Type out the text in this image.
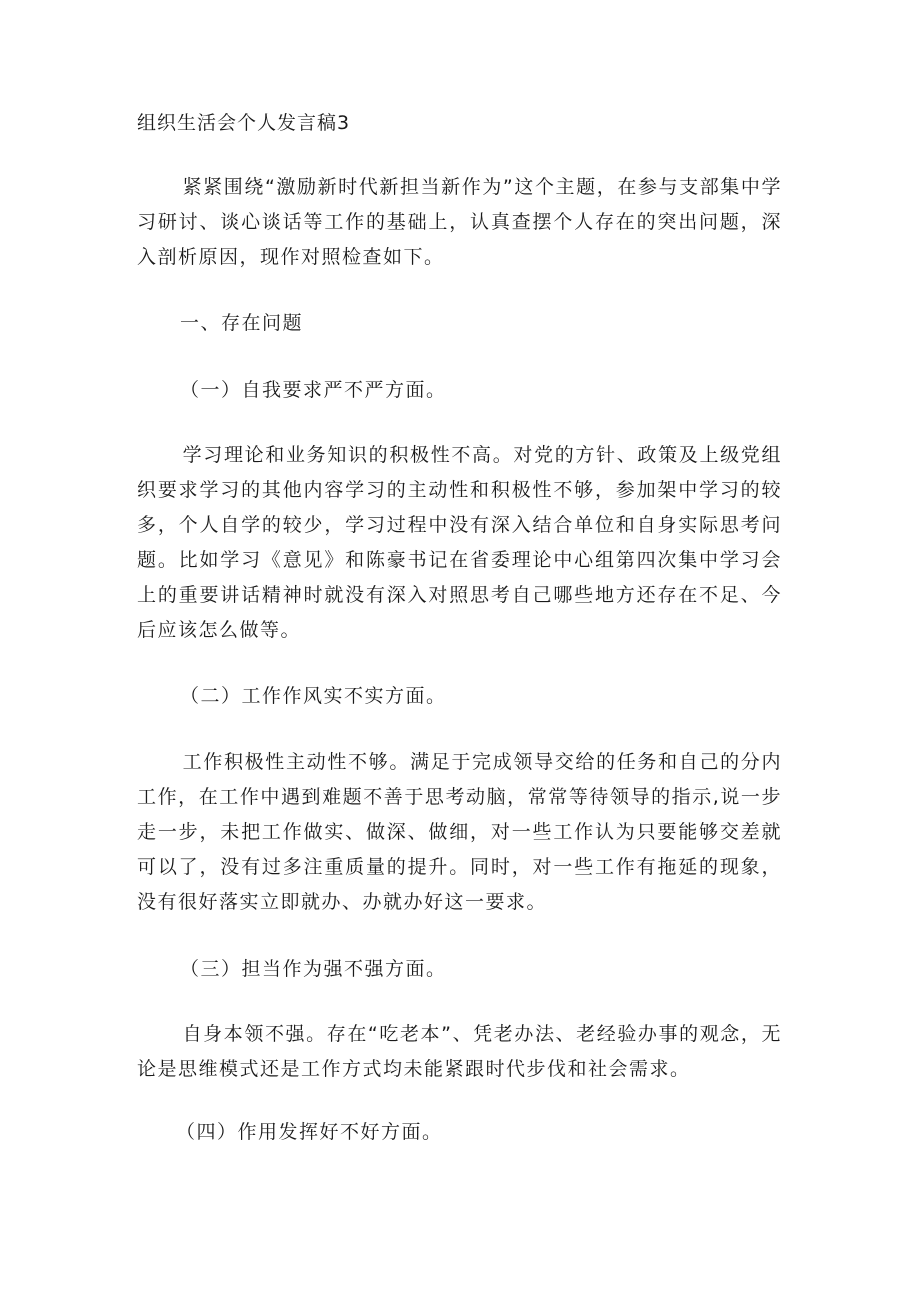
组织生活会个人发言稿3

紧紧围绕“激励新时代新担当新作为”这个主题，在参与支部集中学习研讨、谈心谈话等工作的基础上，认真查摆个人存在的突出问题，深入剖析原因，现作对照检查如下。

一、存在问题
（一）自我要求严不严方面。

学习理论和业务知识的积极性不高。对党的方针、政策及上级党组织要求学习的其他内容学习的主动性和积极性不够，参加架中学习的较多，个人自学的较少，学习过程中没有深入结合单位和自身实际思考问题。比如学习《意见》和陈豪书记在省委理论中心组第四次集中学习会上的重要讲话精神时就没有深入对照思考自己哪些地方还存在不足、今后应该怎么做等。

（二）工作作风实不实方面。

工作积极性主动性不够。满足于完成领导交给的任务和自己的分内工作，在工作中遇到难题不善于思考动脑，常常等待领导的指示,说一步走一步，未把工作做实、做深、做细，对一些工作认为只要能够交差就可以了，没有过多注重质量的提升。同时，对一些工作有拖延的现象，没有很好落实立即就办、办就办好这一要求。

（三）担当作为强不强方面。

自身本领不强。存在“吃老本”、凭老办法、老经验办事的观念，无论是思维模式还是工作方式均未能紧跟时代步伐和社会需求。

（四）作用发挥好不好方面。
